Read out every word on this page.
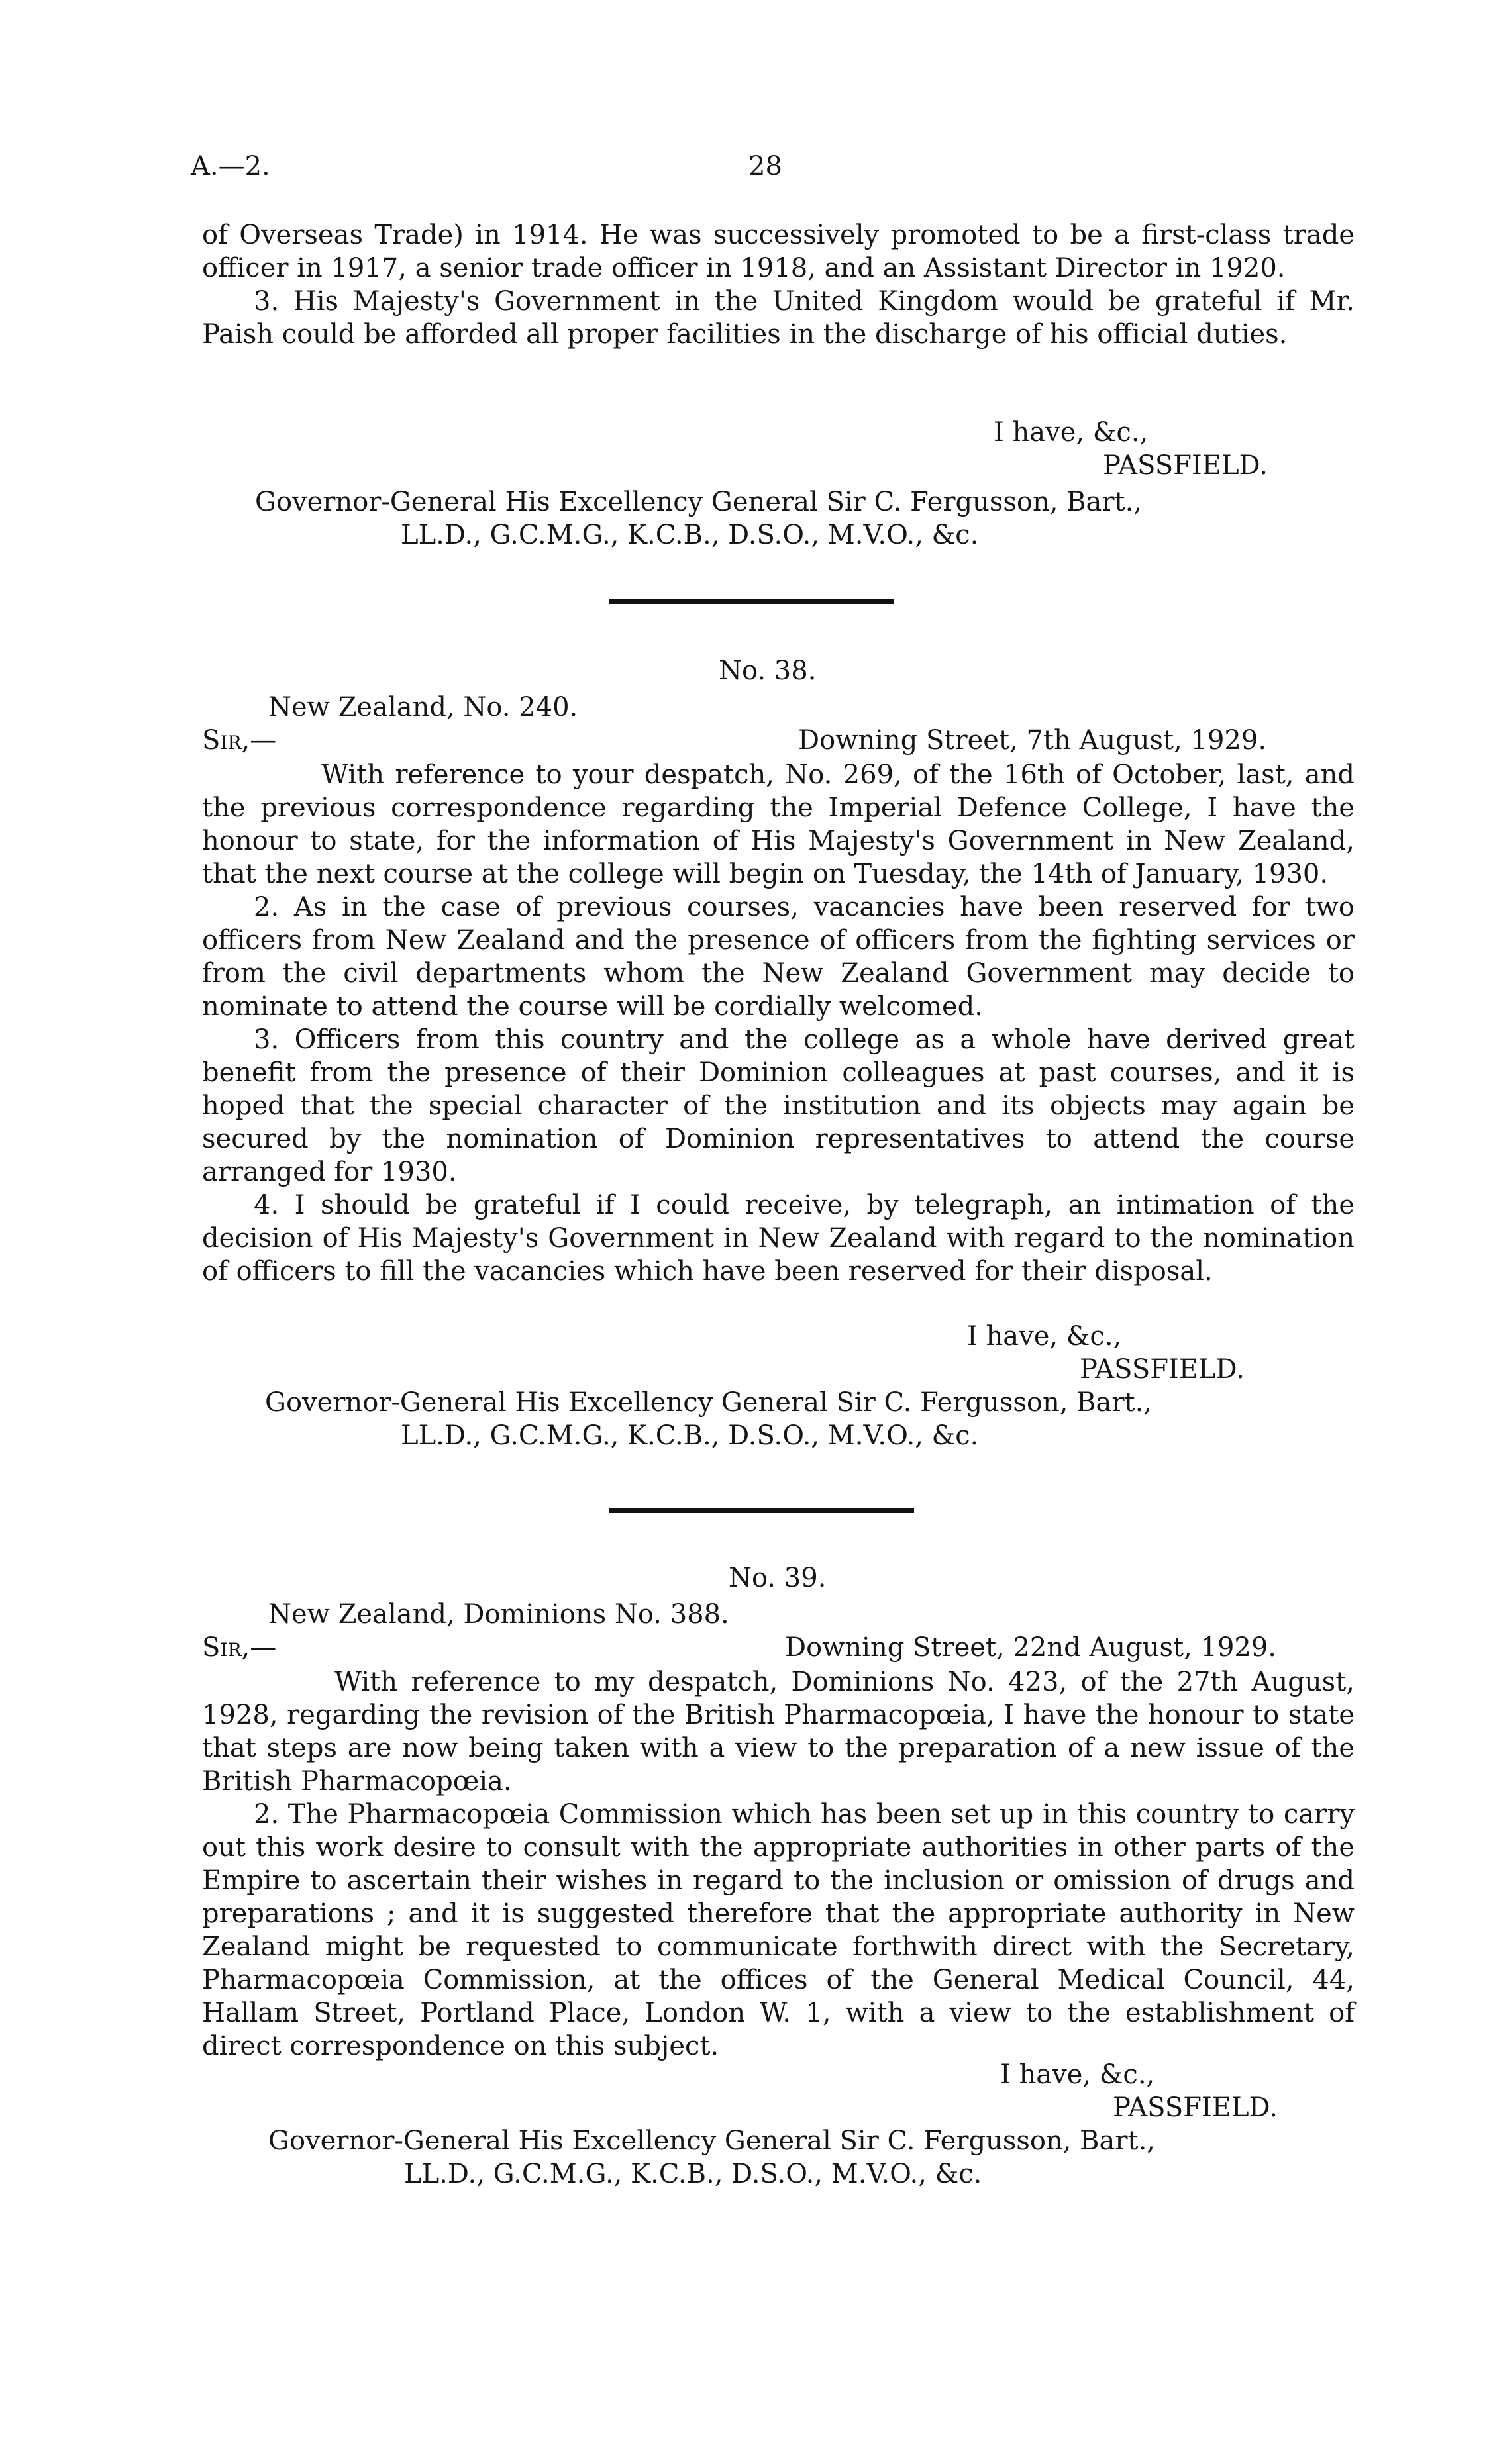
A.—2.	28

of Overseas Trade) in 1914. He was successively promoted to be a first-class trade officer in 1917, a senior trade officer in 1918, and an Assistant Director in 1920.

3. His Majesty's Government in the United Kingdom would be grateful if Mr. Paish could be afforded all proper facilities in the discharge of his official duties.

I have, &c.,
PASSFIELD.
Governor-General His Excellency General Sir C. Fergusson, Bart.,
LL.D., G.C.M.G., K.C.B., D.S.O., M.V.O., &c.
No. 38.
New Zealand, No. 240.
Sir,—	Downing Street, 7th August, 1929.

With reference to your despatch, No. 269, of the 16th of October, last, and the previous correspondence regarding the Imperial Defence College, I have the honour to state, for the information of His Majesty's Government in New Zealand, that the next course at the college will begin on Tuesday, the 14th of January, 1930.

2. As in the case of previous courses, vacancies have been reserved for two officers from New Zealand and the presence of officers from the fighting services or from the civil departments whom the New Zealand Government may decide to nominate to attend the course will be cordially welcomed.

3. Officers from this country and the college as a whole have derived great benefit from the presence of their Dominion colleagues at past courses, and it is hoped that the special character of the institution and its objects may again be secured by the nomination of Dominion representatives to attend the course arranged for 1930.

4. I should be grateful if I could receive, by telegraph, an intimation of the decision of His Majesty's Government in New Zealand with regard to the nomination of officers to fill the vacancies which have been reserved for their disposal.

I have, &c.,
PASSFIELD.
Governor-General His Excellency General Sir C. Fergusson, Bart.,
LL.D., G.C.M.G., K.C.B., D.S.O., M.V.O., &c.
No. 39.
New Zealand, Dominions No. 388.
Sir,—	Downing Street, 22nd August, 1929.

With reference to my despatch, Dominions No. 423, of the 27th August, 1928, regarding the revision of the British Pharmacopœia, I have the honour to state that steps are now being taken with a view to the preparation of a new issue of the British Pharmacopœia.

2. The Pharmacopœia Commission which has been set up in this country to carry out this work desire to consult with the appropriate authorities in other parts of the Empire to ascertain their wishes in regard to the inclusion or omission of drugs and preparations ; and it is suggested therefore that the appropriate authority in New Zealand might be requested to communicate forthwith direct with the Secretary, Pharmacopœia Commission, at the offices of the General Medical Council, 44, Hallam Street, Portland Place, London W. 1, with a view to the establishment of direct correspondence on this subject.

I have, &c.,
PASSFIELD.
Governor-General His Excellency General Sir C. Fergusson, Bart.,
LL.D., G.C.M.G., K.C.B., D.S.O., M.V.O., &c.
